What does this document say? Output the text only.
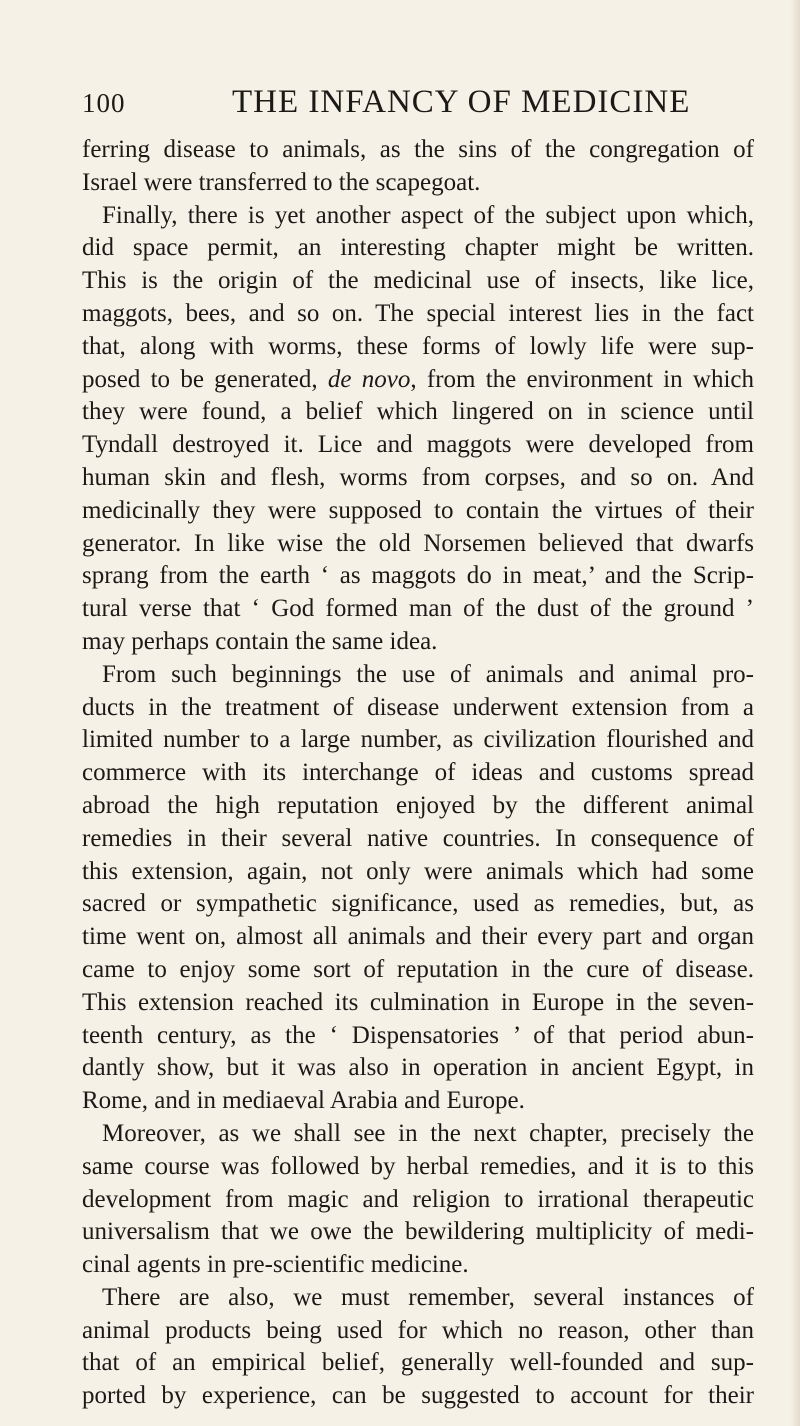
100	THE INFANCY OF MEDICINE
ferring disease to animals, as the sins of the congregation of
Israel were transferred to the scapegoat.
Finally, there is yet another aspect of the subject upon which,
did space permit, an interesting chapter might be written.
This is the origin of the medicinal use of insects, like lice,
maggots, bees, and so on. The special interest lies in the fact
that, along with worms, these forms of lowly life were sup-
posed to be generated, de novo, from the environment in which
they were found, a belief which lingered on in science until
Tyndall destroyed it. Lice and maggots were developed from
human skin and flesh, worms from corpses, and so on. And
medicinally they were supposed to contain the virtues of their
generator. In like wise the old Norsemen believed that dwarfs
sprang from the earth ‘ as maggots do in meat,’ and the Scrip-
tural verse that ‘ God formed man of the dust of the ground ’
may perhaps contain the same idea.
From such beginnings the use of animals and animal pro-
ducts in the treatment of disease underwent extension from a
limited number to a large number, as civilization flourished and
commerce with its interchange of ideas and customs spread
abroad the high reputation enjoyed by the different animal
remedies in their several native countries. In consequence of
this extension, again, not only were animals which had some
sacred or sympathetic significance, used as remedies, but, as
time went on, almost all animals and their every part and organ
came to enjoy some sort of reputation in the cure of disease.
This extension reached its culmination in Europe in the seven-
teenth century, as the ‘ Dispensatories ’ of that period abun-
dantly show, but it was also in operation in ancient Egypt, in
Rome, and in mediaeval Arabia and Europe.
Moreover, as we shall see in the next chapter, precisely the
same course was followed by herbal remedies, and it is to this
development from magic and religion to irrational therapeutic
universalism that we owe the bewildering multiplicity of medi-
cinal agents in pre-scientific medicine.
There are also, we must remember, several instances of
animal products being used for which no reason, other than
that of an empirical belief, generally well-founded and sup-
ported by experience, can be suggested to account for their
